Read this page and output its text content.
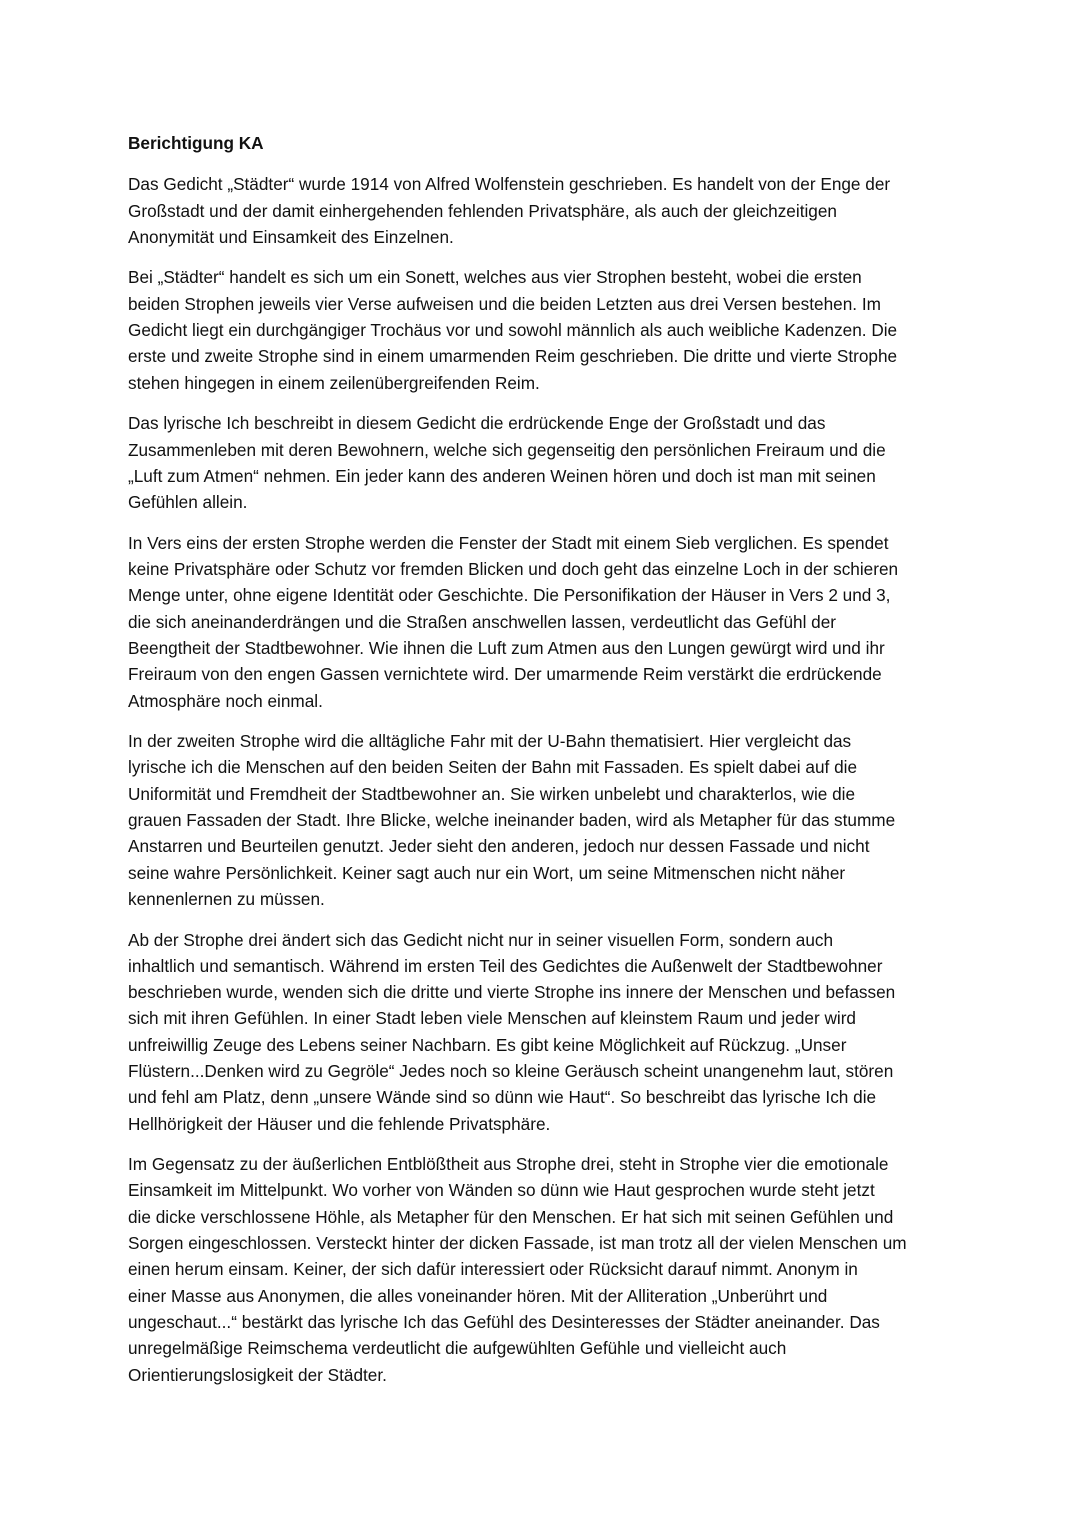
Berichtigung KA
Das Gedicht „Städter“ wurde 1914 von Alfred Wolfenstein geschrieben. Es handelt von der Enge der
Großstadt und der damit einhergehenden fehlenden Privatsphäre, als auch der gleichzeitigen
Anonymität und Einsamkeit des Einzelnen.
Bei „Städter“ handelt es sich um ein Sonett, welches aus vier Strophen besteht, wobei die ersten
beiden Strophen jeweils vier Verse aufweisen und die beiden Letzten aus drei Versen bestehen. Im
Gedicht liegt ein durchgängiger Trochäus vor und sowohl männlich als auch weibliche Kadenzen. Die
erste und zweite Strophe sind in einem umarmenden Reim geschrieben. Die dritte und vierte Strophe
stehen hingegen in einem zeilenübergreifenden Reim.
Das lyrische Ich beschreibt in diesem Gedicht die erdrückende Enge der Großstadt und das
Zusammenleben mit deren Bewohnern, welche sich gegenseitig den persönlichen Freiraum und die
„Luft zum Atmen“ nehmen. Ein jeder kann des anderen Weinen hören und doch ist man mit seinen
Gefühlen allein.
In Vers eins der ersten Strophe werden die Fenster der Stadt mit einem Sieb verglichen. Es spendet
keine Privatsphäre oder Schutz vor fremden Blicken und doch geht das einzelne Loch in der schieren
Menge unter, ohne eigene Identität oder Geschichte. Die Personifikation der Häuser in Vers 2 und 3,
die sich aneinanderdrängen und die Straßen anschwellen lassen, verdeutlicht das Gefühl der
Beengtheit der Stadtbewohner. Wie ihnen die Luft zum Atmen aus den Lungen gewürgt wird und ihr
Freiraum von den engen Gassen vernichtete wird. Der umarmende Reim verstärkt die erdrückende
Atmosphäre noch einmal.
In der zweiten Strophe wird die alltägliche Fahr mit der U-Bahn thematisiert. Hier vergleicht das
lyrische ich die Menschen auf den beiden Seiten der Bahn mit Fassaden. Es spielt dabei auf die
Uniformität und Fremdheit der Stadtbewohner an. Sie wirken unbelebt und charakterlos, wie die
grauen Fassaden der Stadt. Ihre Blicke, welche ineinander baden, wird als Metapher für das stumme
Anstarren und Beurteilen genutzt. Jeder sieht den anderen, jedoch nur dessen Fassade und nicht
seine wahre Persönlichkeit. Keiner sagt auch nur ein Wort, um seine Mitmenschen nicht näher
kennenlernen zu müssen.
Ab der Strophe drei ändert sich das Gedicht nicht nur in seiner visuellen Form, sondern auch
inhaltlich und semantisch. Während im ersten Teil des Gedichtes die Außenwelt der Stadtbewohner
beschrieben wurde, wenden sich die dritte und vierte Strophe ins innere der Menschen und befassen
sich mit ihren Gefühlen. In einer Stadt leben viele Menschen auf kleinstem Raum und jeder wird
unfreiwillig Zeuge des Lebens seiner Nachbarn. Es gibt keine Möglichkeit auf Rückzug. „Unser
Flüstern...Denken wird zu Gegröle“ Jedes noch so kleine Geräusch scheint unangenehm laut, stören
und fehl am Platz, denn „unsere Wände sind so dünn wie Haut“. So beschreibt das lyrische Ich die
Hellhörigkeit der Häuser und die fehlende Privatsphäre.
Im Gegensatz zu der äußerlichen Entblößtheit aus Strophe drei, steht in Strophe vier die emotionale
Einsamkeit im Mittelpunkt. Wo vorher von Wänden so dünn wie Haut gesprochen wurde steht jetzt
die dicke verschlossene Höhle, als Metapher für den Menschen. Er hat sich mit seinen Gefühlen und
Sorgen eingeschlossen. Versteckt hinter der dicken Fassade, ist man trotz all der vielen Menschen um
einen herum einsam. Keiner, der sich dafür interessiert oder Rücksicht darauf nimmt. Anonym in
einer Masse aus Anonymen, die alles voneinander hören. Mit der Alliteration „Unberührt und
ungeschaut...“ bestärkt das lyrische Ich das Gefühl des Desinteresses der Städter aneinander. Das
unregelmäßige Reimschema verdeutlicht die aufgewühlten Gefühle und vielleicht auch
Orientierungslosigkeit der Städter.
